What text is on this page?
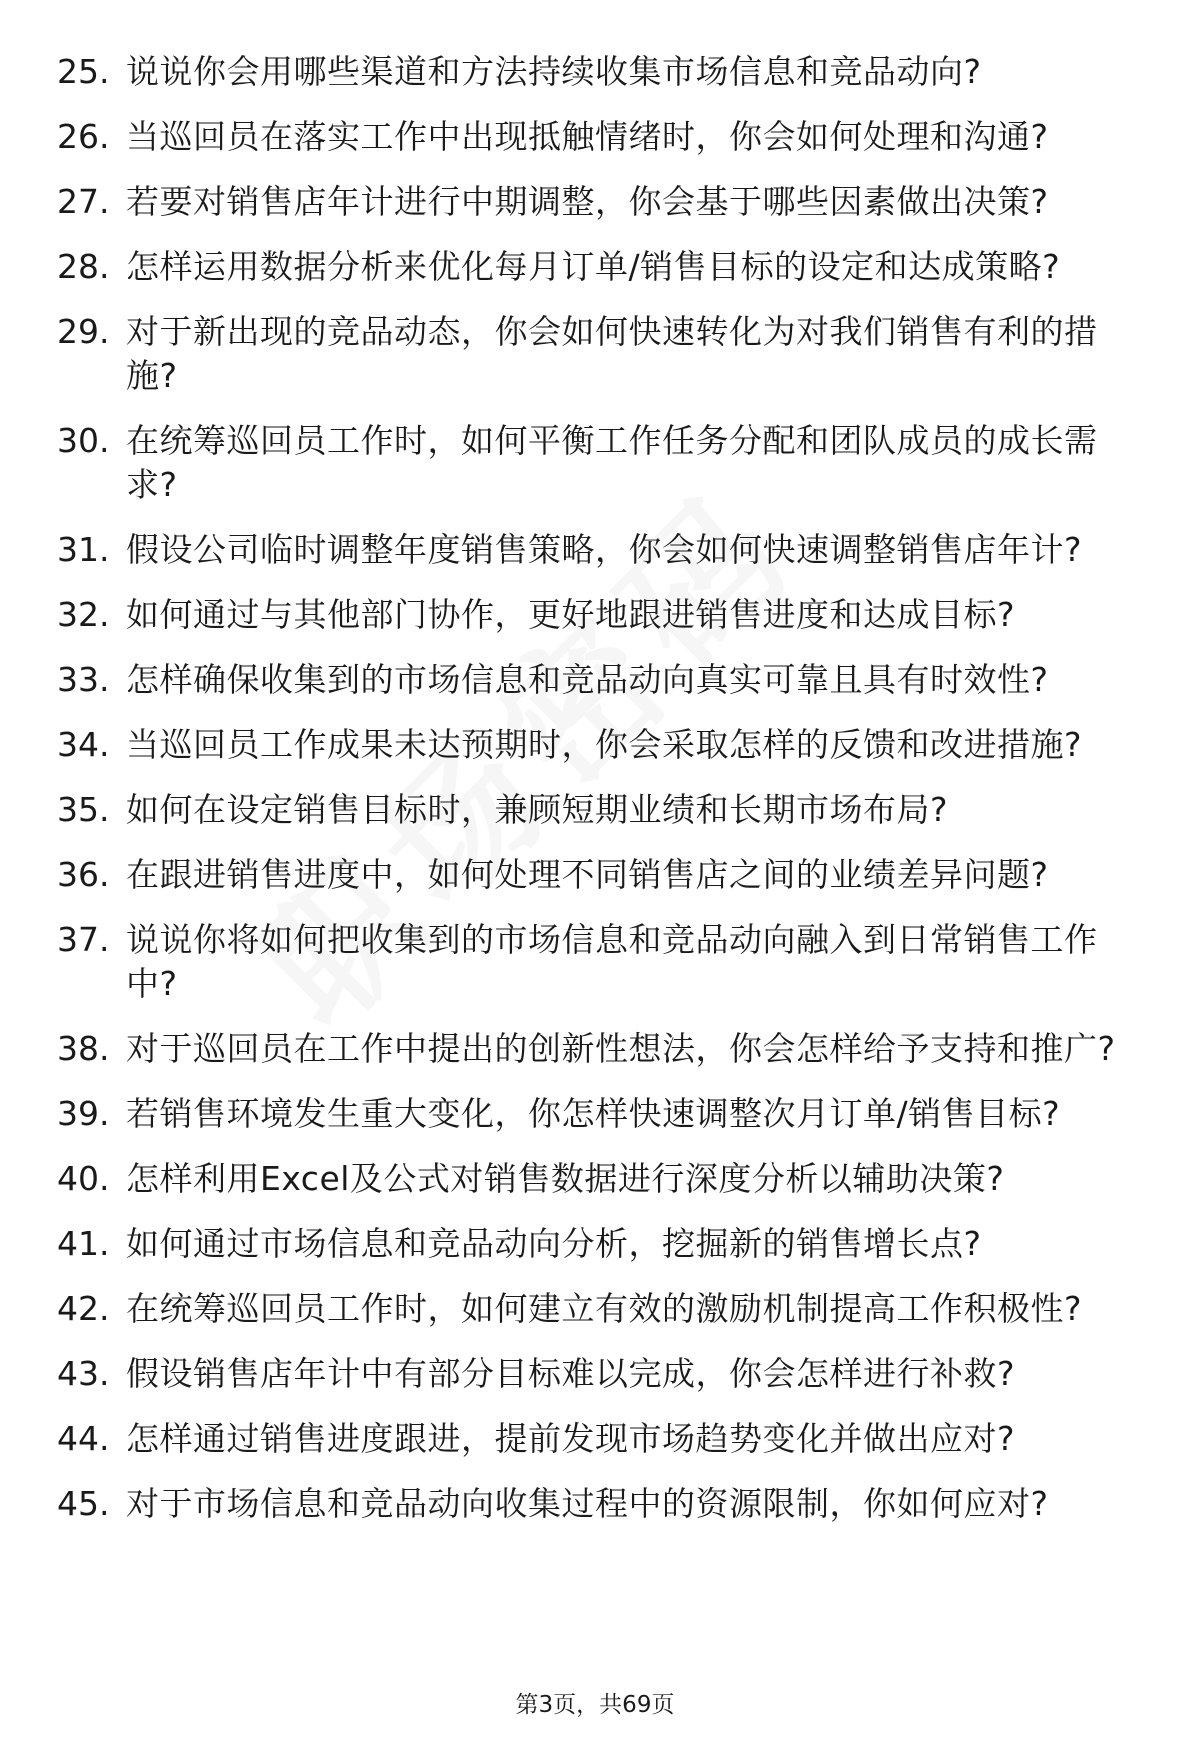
25. 说说你会用哪些渠道和方法持续收集市场信息和竞品动向?
26. 当巡回员在落实工作中出现抵触情绪时，你会如何处理和沟通?
27. 若要对销售店年计进行中期调整，你会基于哪些因素做出决策?
28. 怎样运用数据分析来优化每月订单/销售目标的设定和达成策略?
29. 对于新出现的竞品动态，你会如何快速转化为对我们销售有利的措施?
30. 在统筹巡回员工作时，如何平衡工作任务分配和团队成员的成长需求?
31. 假设公司临时调整年度销售策略，你会如何快速调整销售店年计?
32. 如何通过与其他部门协作，更好地跟进销售进度和达成目标?
33. 怎样确保收集到的市场信息和竞品动向真实可靠且具有时效性?
34. 当巡回员工作成果未达预期时，你会采取怎样的反馈和改进措施?
35. 如何在设定销售目标时，兼顾短期业绩和长期市场布局?
36. 在跟进销售进度中，如何处理不同销售店之间的业绩差异问题?
37. 说说你将如何把收集到的市场信息和竞品动向融入到日常销售工作中?
38. 对于巡回员在工作中提出的创新性想法，你会怎样给予支持和推广?
39. 若销售环境发生重大变化，你怎样快速调整次月订单/销售目标?
40. 怎样利用Excel及公式对销售数据进行深度分析以辅助决策?
41. 如何通过市场信息和竞品动向分析，挖掘新的销售增长点?
42. 在统筹巡回员工作时，如何建立有效的激励机制提高工作积极性?
43. 假设销售店年计中有部分目标难以完成，你会怎样进行补救?
44. 怎样通过销售进度跟进，提前发现市场趋势变化并做出应对?
45. 对于市场信息和竞品动向收集过程中的资源限制，你如何应对?
第3页，共69页
